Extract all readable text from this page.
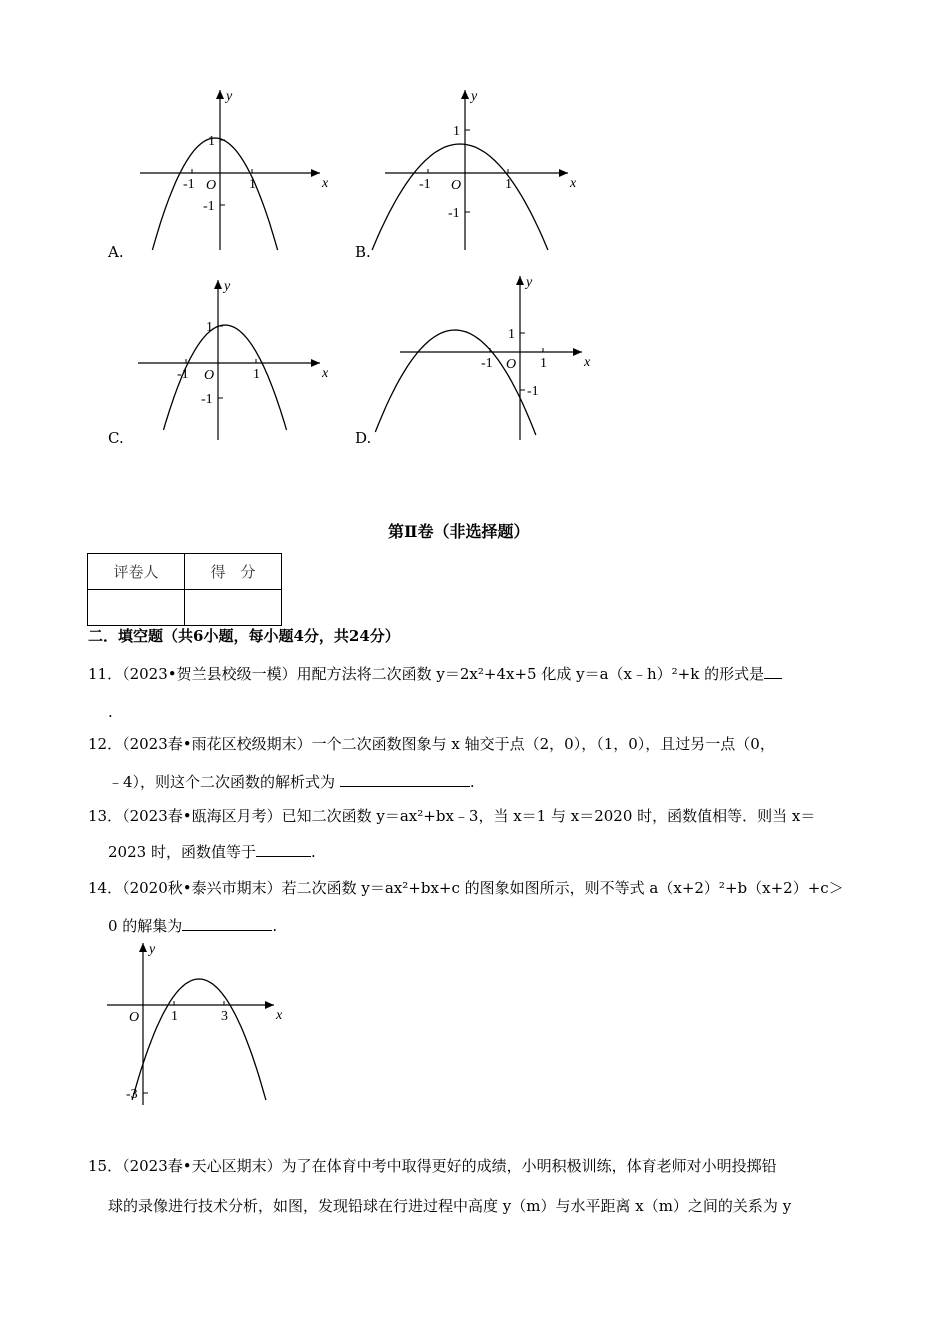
x
y
O 1
-1
1
-1
x
y
O	1
-1
1
-1
x
y
O	1
-1
1
-1
x
y
O 1
-1
1
-1
x
y
O 1	3
-3
A.	B.
C.	D.
第Ⅱ卷（非选择题）
评卷人	得　分

二．填空题（共6小题，每小题4分，共24分）
11．（2023•贺兰县校级一模）用配方法将二次函数 y＝2x²+4x+5 化成 y＝a（x﹣h）²+k 的形式是
.
12．（2023春•雨花区校级期末）一个二次函数图象与 x 轴交于点（2，0），（1，0），且过另一点（0，
﹣4），则这个二次函数的解析式为	.
13．（2023春•瓯海区月考）已知二次函数 y＝ax²+bx﹣3，当 x＝1 与 x＝2020 时，函数值相等．则当 x＝
2023 时，函数值等于	.
14．（2020秋•泰兴市期末）若二次函数 y＝ax²+bx+c 的图象如图所示，则不等式 a（x+2）²+b（x+2）+c＞
0 的解集为	.
15．（2023春•天心区期末）为了在体育中考中取得更好的成绩，小明积极训练，体育老师对小明投掷铅
球的录像进行技术分析，如图，发现铅球在行进过程中高度 y（m）与水平距离 x（m）之间的关系为 y
